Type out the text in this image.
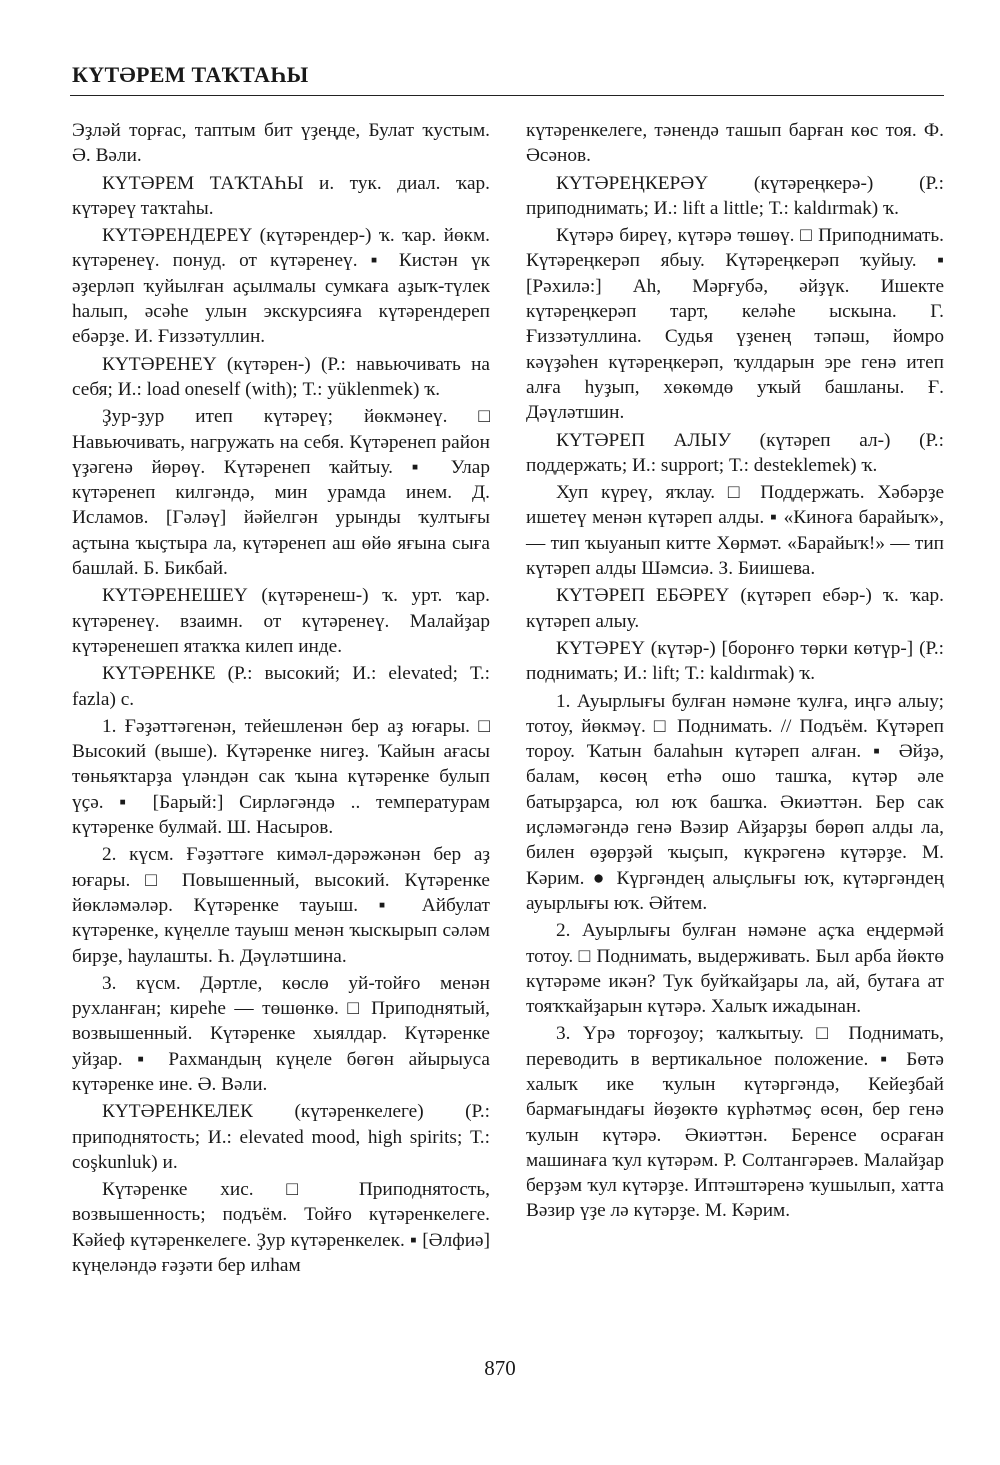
КҮТӘРЕМ ТАҠТАҺЫ

Эҙләй торғас, таптым бит үҙеңде, Булат ҡустым. Ә. Вәли.

КҮТӘРЕМ ТАҠТАҺЫ и. тук. диал. ҡар. күтәреү таҡтаһы.

КҮТӘРЕНДЕРЕҮ (күтәрендер-) ҡ. ҡар. йөкм. күтәренеү. понуд. от күтәренеү. ▪ Кистән үк әҙерләп ҡуйылған аҫылмалы сумкаға аҙыҡ-түлек һалып, әсәһе улын экскурсияға күтәрендереп ебәрҙе. И. Ғиззәтуллин.

КҮТӘРЕНЕҮ (күтәрен-) (Р.: навьючивать на себя; И.: load oneself (with); Т.: yüklenmek) ҡ.

Ҙур-ҙур итеп күтәреү; йөкмәнеү. □ Навьючивать, нагружать на себя. Күтәренеп район үҙәгенә йөрөү. Күтәренеп ҡайтыу. ▪ Улар күтәренеп килгәндә, мин урамда инем. Д. Исламов. [Гәләү] йәйелгән урынды ҡултығы аҫтына ҡыҫтыра ла, күтәренеп аш өйө яғына сыға башлай. Б. Бикбай.

КҮТӘРЕНЕШЕҮ (күтәренеш-) ҡ. урт. ҡар. күтәренеү. взаимн. от күтәренеү. Малайҙар күтәренешеп ятаҡҡа килеп инде.

КҮТӘРЕНКЕ (Р.: высокий; И.: elevated; Т.: fazla) с.

1. Ғәҙәттәгенән, тейешленән бер аҙ юғары. □ Высокий (выше). Күтәренке нигеҙ. Ҡайын ағасы төньяҡтарҙа үләндән сак ҡына күтәренке булып үҫә. ▪ [Барый:] Сирләгәндә .. температурам күтәренке булмай. Ш. Насыров.

2. күсм. Ғәҙәттәге кимәл-дәрәжәнән бер аҙ юғары. □ Повышенный, высокий. Күтәренке йөкләмәләр. Күтәренке тауыш. ▪ Айбулат күтәренке, күңелле тауыш менән ҡыскырып сәләм бирҙе, һаулашты. Һ. Дәүләтшина.

3. күсм. Дәртле, көслө уй-тойғо менән рухланған; киреһе — төшөнкө. □ Приподнятый, возвышенный. Күтәренке хыялдар. Күтәренке уйҙар. ▪ Рахмандың күңеле бөгөн айырыуса күтәренке ине. Ә. Вәли.

КҮТӘРЕНКЕЛЕК (күтәренкелеге) (Р.: приподнятость; И.: elevated mood, high spirits; Т.: coşkunluk) и.

Күтәренке хис. □ Приподнятость, возвышенность; подъём. Тойғо күтәренкелеге. Кәйеф күтәренкелеге. Ҙур күтәренкелек. ▪ [Әлфиә] күңеләндә ғәҙәти бер илһам

күтәренкелеге, тәнендә ташып барған көс тоя. Ф. Әсәнов.

КҮТӘРЕҢКЕРӘҮ (күтәреңкерә-) (Р.: приподнимать; И.: lift a little; Т.: kaldırmak) ҡ.

Күтәрә биреү, күтәрә төшөү. □ Приподнимать. Күтәреңкерәп ябыу. Күтәреңкерәп ҡуйыу. ▪ [Рәхилә:] Аһ, Мәрғубә, әйҙүк. Ишекте күтәреңкерәп тарт, келәһе ыскына. Г. Ғиззәтуллина. Судья үҙенең тәпәш, йомро кәүҙәһен күтәреңкерәп, ҡулдарын эре генә итеп алға һуҙып, хөкөмдө уҡый башланы. Ғ. Дәүләтшин.

КҮТӘРЕП АЛЫУ (күтәреп ал-) (Р.: поддержать; И.: support; Т.: desteklemek) ҡ.

Хуп күреү, яҡлау. □ Поддержать. Хәбәрҙе ишетеү менән күтәреп алды. ▪ «Киноға барайыҡ», — тип ҡыуанып китте Хөрмәт. «Барайыҡ!» — тип күтәреп алды Шәмсиә. З. Биишева.

КҮТӘРЕП ЕБӘРЕҮ (күтәреп ебәр-) ҡ. ҡар. күтәреп алыу.

КҮТӘРЕҮ (күтәр-) [боронғо төрки көтүр-] (Р.: поднимать; И.: lift; Т.: kaldırmak) ҡ.

1. Ауырлығы булған нәмәне ҡулға, иңгә алыу; тотоу, йөкмәү. □ Поднимать. // Подъём. Күтәреп тороу. Ҡатын балаһын күтәреп алған. ▪ Әйҙә, балам, көсөң етһә ошо ташҡа, күтәр әле батырҙарса, юл юҡ башҡа. Әкиәттән. Бер сак иҫләмәгәндә генә Вәзир Айҙарҙы бөрөп алды ла, билен өҙөрҙәй ҡыҫып, күкрәгенә күтәрҙе. М. Кәрим. ● Күргәндең алыҫлығы юҡ, күтәргәндең ауырлығы юҡ. Әйтем.

2. Ауырлығы булған нәмәне аҫҡа еңдермәй тотоу. □ Поднимать, выдерживать. Был арба йөктө күтәрәме икән? Тук буйҡайҙары ла, ай, бутаға ат тояҡҡайҙарын күтәрә. Халыҡ ижадынан.

3. Үрә торғоҙоу; ҡалҡытыу. □ Поднимать, переводить в вертикальное положение. ▪ Бөтә халыҡ ике ҡулын күтәргәндә, Кейеҙбай бармағындағы йөҙөктө күрһәтмәҫ өсөн, бер генә ҡулын күтәрә. Әкиәттән. Беренсе осраған машинаға ҡул күтәрәм. Р. Солтангәрәев. Малайҙар берҙәм ҡул күтәрҙе. Иптәштәренә ҡушылып, хатта Вәзир үҙе лә күтәрҙе. М. Кәрим.

870
